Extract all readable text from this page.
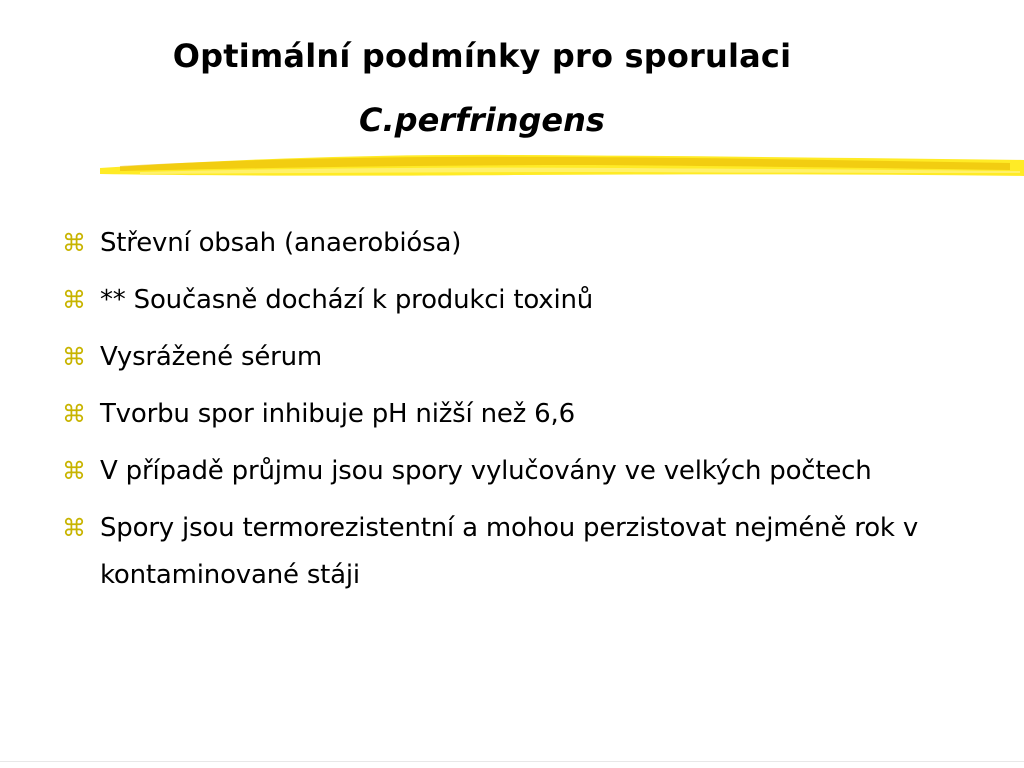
Optimální podmínky pro sporulaci
C.perfringens
⌘ Střevní obsah (anaerobiósa)
⌘ ** Současně dochází k produkci toxinů
⌘ Vysrážené sérum
⌘ Tvorbu spor inhibuje pH nižší než 6,6
⌘ V případě průjmu jsou spory vylučovány ve velkých počtech
⌘ Spory jsou termorezistentní a mohou perzistovat nejméně rok v kontaminované stáji
